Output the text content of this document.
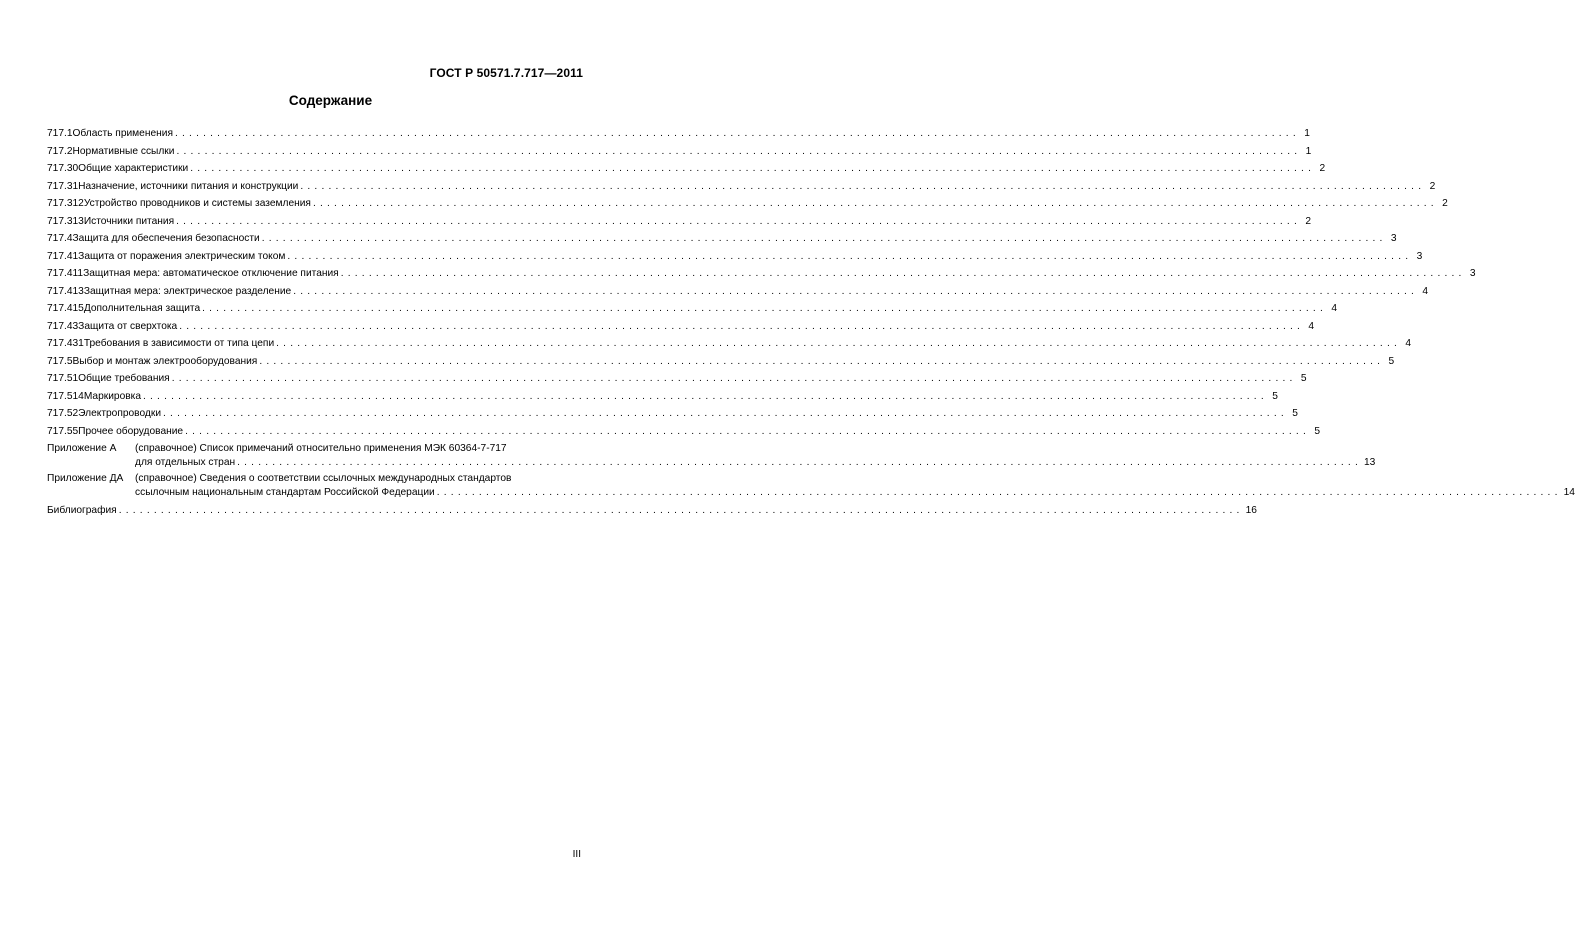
ГОСТ Р 50571.7.717—2011
Содержание
717.1 Область применения ................................................................................................................................................................ 1
717.2 Нормативные ссылки ................................................................................................................................................................ 1
717.30 Общие характеристики ................................................................................................................................................................ 2
717.31 Назначение, источники питания и конструкции ................................................................................................................................................................ 2
717.312 Устройство проводников и системы заземления ................................................................................................................................................................ 2
717.313 Источники питания ................................................................................................................................................................ 2
717.4 Защита для обеспечения безопасности ................................................................................................................................................................ 3
717.41 Защита от поражения электрическим током ................................................................................................................................................................ 3
717.411 Защитная мера: автоматическое отключение питания ................................................................................................................................................................ 3
717.413 Защитная мера: электрическое разделение ................................................................................................................................................................ 4
717.415 Дополнительная защита ................................................................................................................................................................ 4
717.43 Защита от сверхтока ................................................................................................................................................................ 4
717.431 Требования в зависимости от типа цепи ................................................................................................................................................................ 4
717.5 Выбор и монтаж электрооборудования ................................................................................................................................................................ 5
717.51 Общие требования ................................................................................................................................................................ 5
717.514 Маркировка ................................................................................................................................................................ 5
717.52 Электропроводки ................................................................................................................................................................ 5
717.55 Прочее оборудование ................................................................................................................................................................ 5
Приложение А	(справочное) Список примечаний относительно применения МЭК 60364-7-717
для отдельных стран ................................................................................................................................................................ 13
Приложение ДА	(справочное) Сведения о соответствии ссылочных международных стандартов
ссылочным национальным стандартам Российской Федерации ................................................................................................................................................................ 14
Библиография ................................................................................................................................................................ 16
III
